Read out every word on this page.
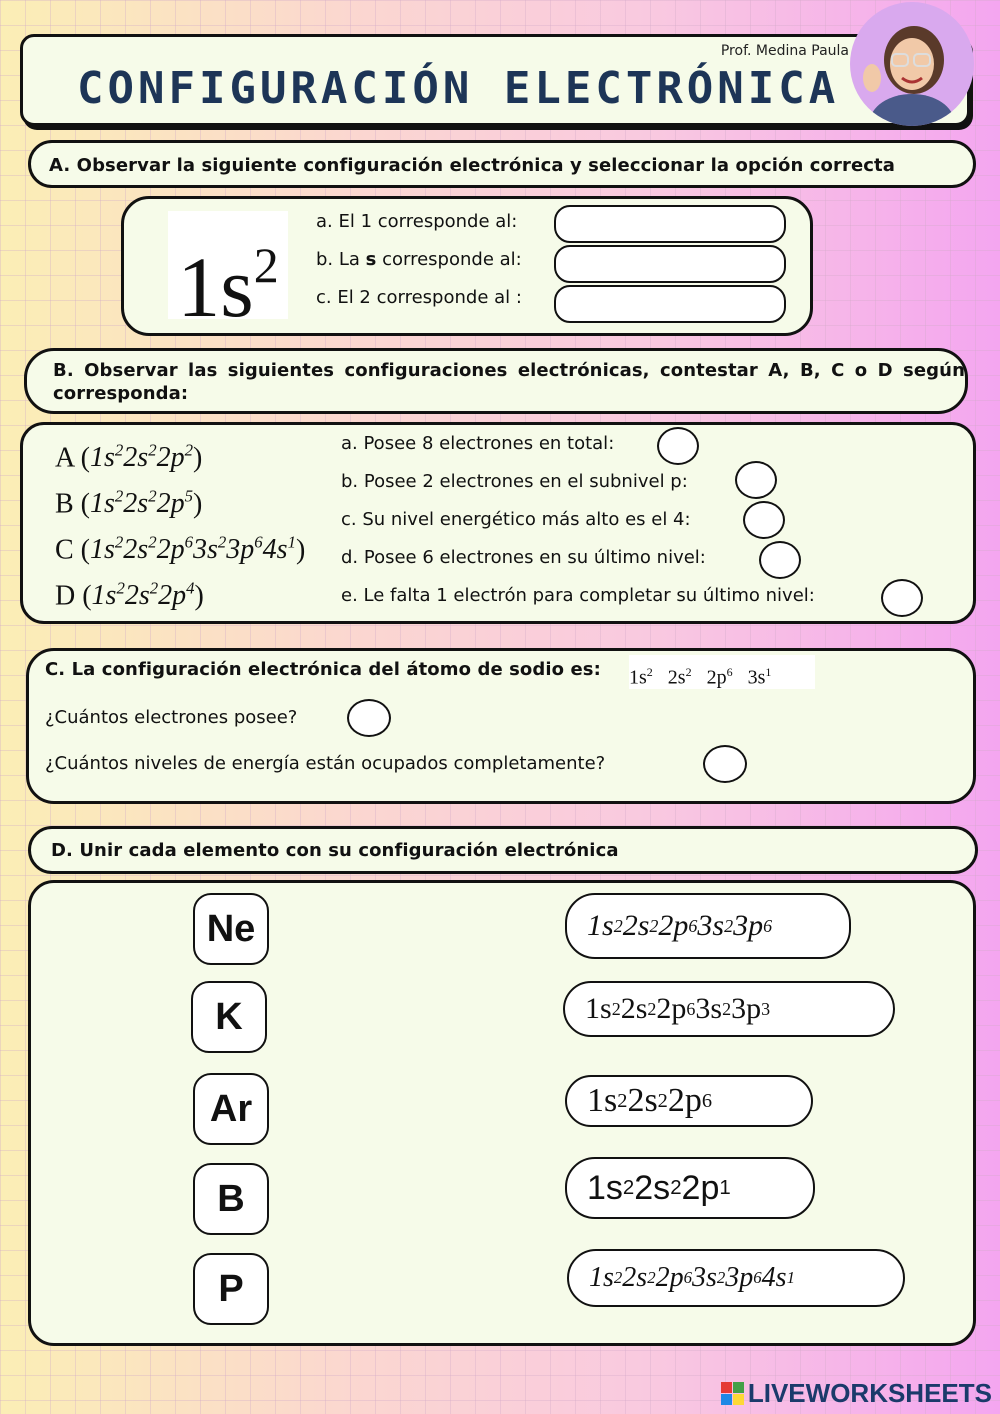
Prof. Medina Paula
CONFIGURACIÓN ELECTRÓNICA
A. Observar la siguiente configuración electrónica y seleccionar la opción correcta
$1s^2$
a. El 1 corresponde al:
b. La s corresponde al:
c. El 2 corresponde al :
B. Observar las siguientes configuraciones electrónicas, contestar A, B, C o D según corresponda:
A $(1s^22s^22p^2)$
B $(1s^22s^22p^5)$
C $(1s^22s^22p^63s^23p^64s^1)$
D $(1s^22s^22p^4)$
a. Posee 8 electrones en total:
b. Posee 2 electrones en el subnivel p:
c. Su nivel energético más alto es el 4:
d. Posee 6 electrones en su último nivel:
e. Le falta 1 electrón para completar su último nivel:
C. La configuración electrónica del átomo de sodio es: $1s^2$   $2s^2$   $2p^6$   $3s^1$
¿Cuántos electrones posee?
¿Cuántos niveles de energía están ocupados completamente?
D. Unir cada elemento con su configuración electrónica
Ne
K
Ar
B
P
1s 2 2s 2 2p 6 3s 2 3p 6
1s 2 2s 2 2p 6 3s 2 3p 3
1s 2 2s 2 2p 6
1s 2 2s 2 2p 1
1s 2 2s 2 2p 6 3s 2 3p 6 4s 1
LIVEWORKSHEETS
